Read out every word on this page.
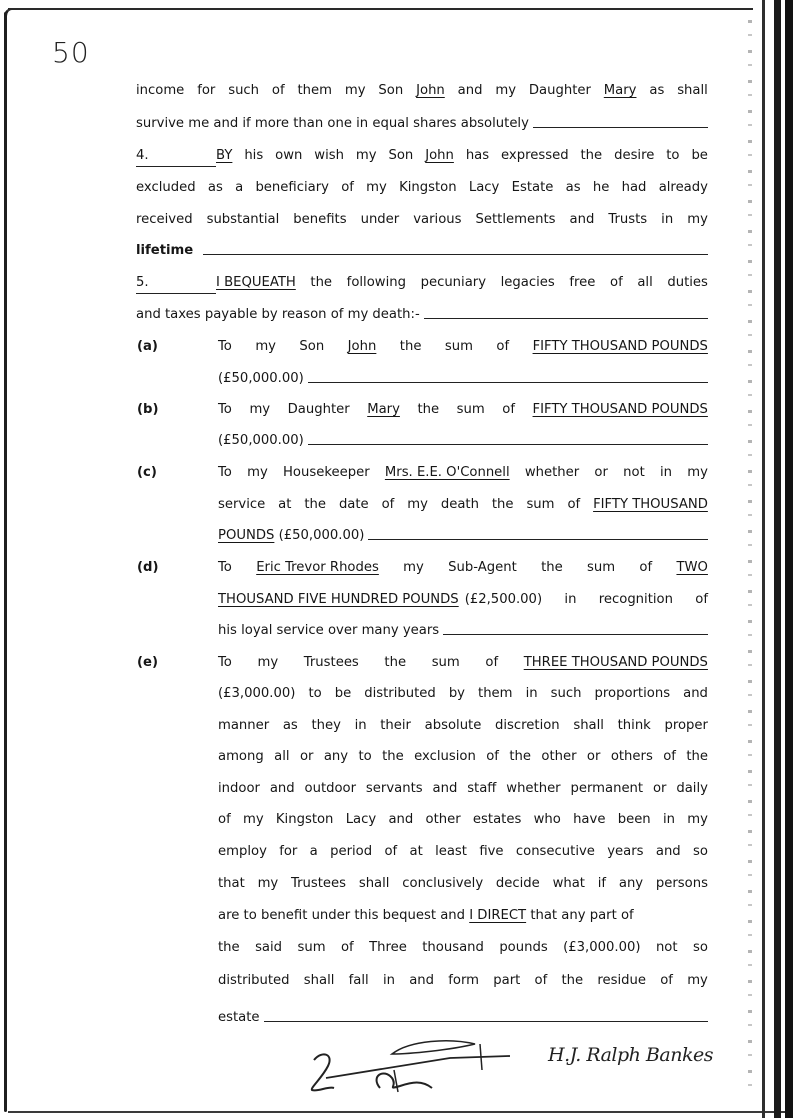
50
income for such of them my Son John and my Daughter Mary as shall
survive me and if more than one in equal shares absolutely
4.	BY his own wish my Son John has expressed the desire to be
excluded as a beneficiary of my Kingston Lacy Estate as he had already
received substantial benefits under various Settlements and Trusts in my
lifetime
5.	I BEQUEATH the following pecuniary legacies free of all duties
and taxes payable by reason of my death:-
(a)	To my Son John the sum of FIFTY THOUSAND POUNDS
(£50,000.00)
(b)	To my Daughter Mary the sum of FIFTY THOUSAND POUNDS
(£50,000.00)
(c)	To my Housekeeper Mrs. E.E. O'Connell whether or not in my
service at the date of my death the sum of FIFTY THOUSAND
POUNDS
(£50,000.00)
(d)	To Eric Trevor Rhodes my Sub-Agent the sum of TWO
THOUSAND FIVE HUNDRED POUNDS (£2,500.00) in recognition of
his loyal service over many years
(e)	To my Trustees the sum of THREE THOUSAND POUNDS
(£3,000.00) to be distributed by them in such proportions and
manner as they in their absolute discretion shall think proper
among all or any to the exclusion of the other or others of the
indoor and outdoor servants and staff whether permanent or daily
of my Kingston Lacy and other estates who have been in my
employ for a period of at least five consecutive years and so
that my Trustees shall conclusively decide what if any persons
are to benefit under this bequest and
I DIRECT
that any part of
the said sum of Three thousand pounds (£3,000.00) not so
distributed shall fall in and form part of the residue of my
estate
H.J. Ralph Bankes
